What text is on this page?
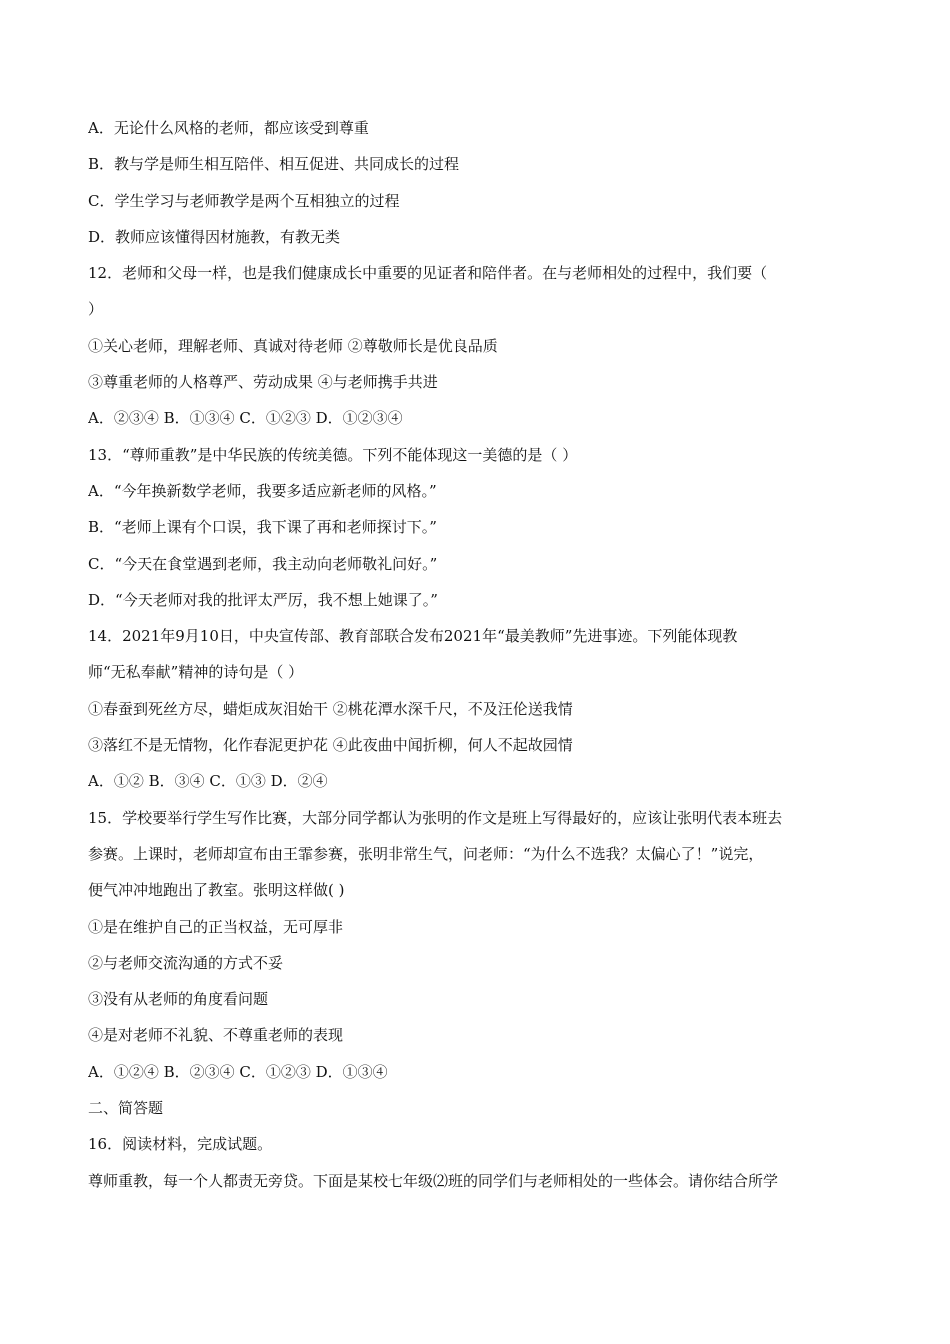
A．无论什么风格的老师，都应该受到尊重
B．教与学是师生相互陪伴、相互促进、共同成长的过程
C．学生学习与老师教学是两个互相独立的过程
D．教师应该懂得因材施教，有教无类
12．老师和父母一样，也是我们健康成长中重要的见证者和陪伴者。在与老师相处的过程中，我们要（
）
①关心老师，理解老师、真诚对待老师 ②尊敬师长是优良品质
③尊重老师的人格尊严、劳动成果 ④与老师携手共进
A．②③④ B．①③④ C．①②③ D．①②③④
13．“尊师重教”是中华民族的传统美德。下列不能体现这一美德的是（ ）
A．“今年换新数学老师，我要多适应新老师的风格。”
B．“老师上课有个口误，我下课了再和老师探讨下。”
C．“今天在食堂遇到老师，我主动向老师敬礼问好。”
D．“今天老师对我的批评太严厉，我不想上她课了。”
14．2021年9月10日，中央宣传部、教育部联合发布2021年“最美教师”先进事迹。下列能体现教
师“无私奉献”精神的诗句是（ ）
①春蚕到死丝方尽，蜡炬成灰泪始干 ②桃花潭水深千尺，不及汪伦送我情
③落红不是无情物，化作春泥更护花 ④此夜曲中闻折柳，何人不起故园情
A．①② B．③④ C．①③ D．②④
15．学校要举行学生写作比赛，大部分同学都认为张明的作文是班上写得最好的，应该让张明代表本班去
参赛。上课时，老师却宣布由王霏参赛，张明非常生气，问老师：“为什么不选我？太偏心了！”说完，
便气冲冲地跑出了教室。张明这样做( )
①是在维护自己的正当权益，无可厚非
②与老师交流沟通的方式不妥
③没有从老师的角度看问题
④是对老师不礼貌、不尊重老师的表现
A．①②④ B．②③④ C．①②③ D．①③④
二、简答题
16．阅读材料，完成试题。
尊师重教，每一个人都责无旁贷。下面是某校七年级⑵班的同学们与老师相处的一些体会。请你结合所学
